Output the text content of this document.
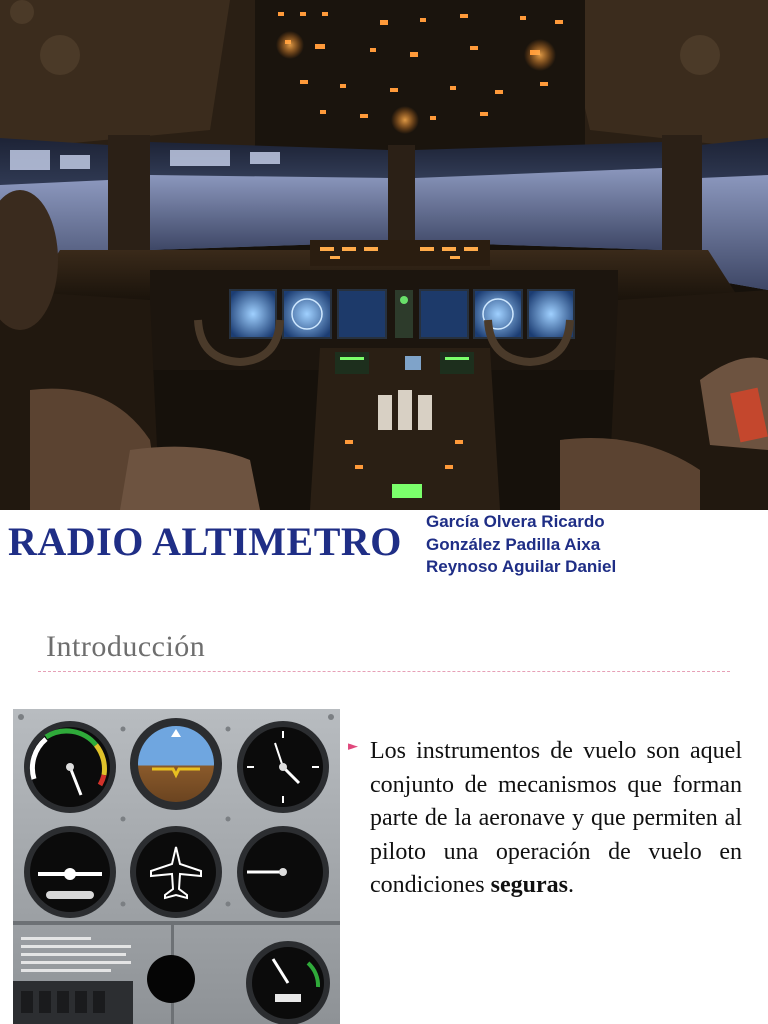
RADIO ALTIMETRO García Olvera Ricardo
González Padilla Aixa
Reynoso Aguilar Daniel
Introducción
► Los instrumentos de vuelo son aquel conjunto de mecanismos que forman parte de la aeronave y que permiten al piloto una operación de vuelo en condiciones seguras.
